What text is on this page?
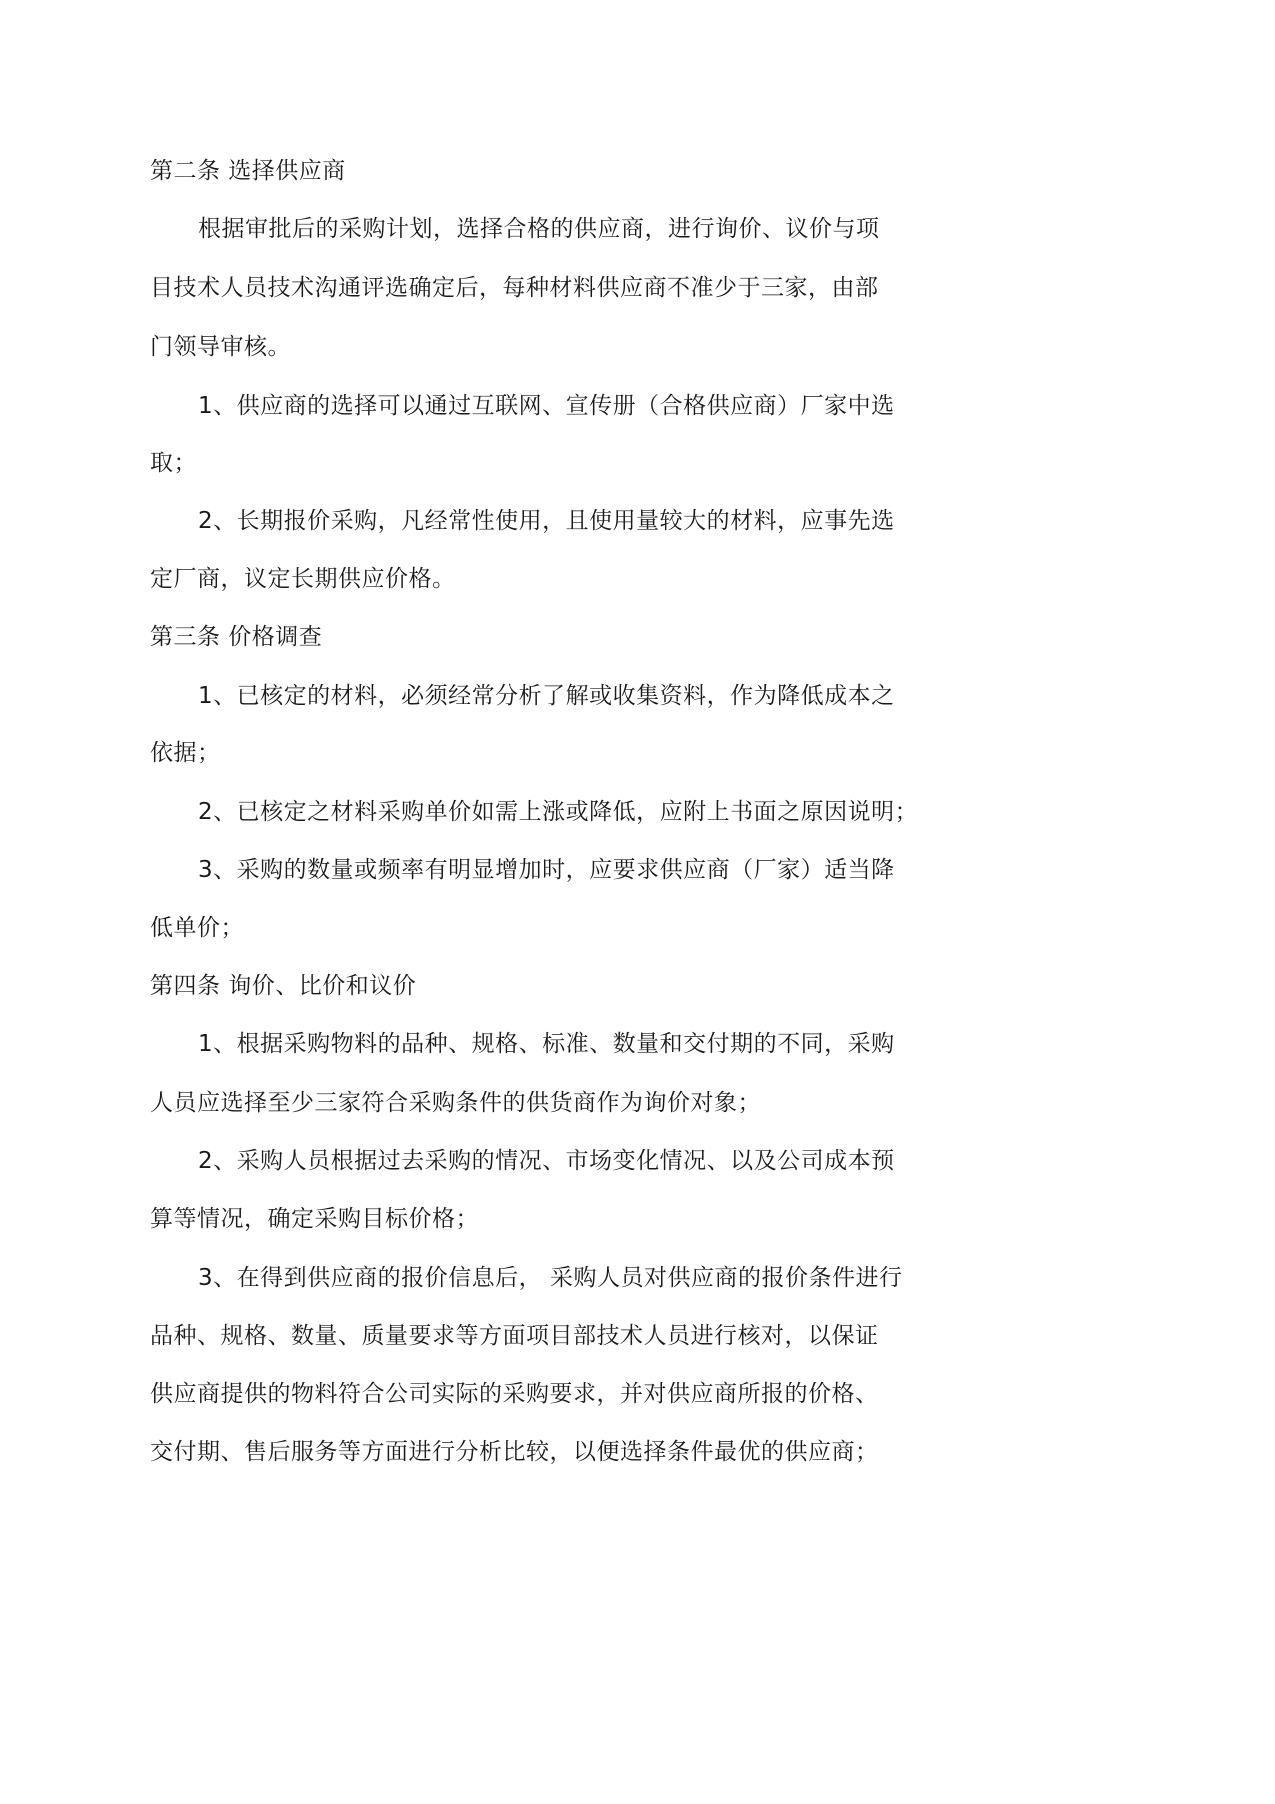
第二条 选择供应商
根据审批后的采购计划，选择合格的供应商，进行询价、议价与项
目技术人员技术沟通评选确定后，每种材料供应商不准少于三家，由部
门领导审核。
1、供应商的选择可以通过互联网、宣传册（合格供应商）厂家中选
取；
2、长期报价采购，凡经常性使用，且使用量较大的材料，应事先选
定厂商，议定长期供应价格。
第三条 价格调查
1、已核定的材料，必须经常分析了解或收集资料，作为降低成本之
依据；
2、已核定之材料采购单价如需上涨或降低，应附上书面之原因说明；
3、采购的数量或频率有明显增加时，应要求供应商（厂家）适当降
低单价；
第四条 询价、比价和议价
1、根据采购物料的品种、规格、标准、数量和交付期的不同，采购
人员应选择至少三家符合采购条件的供货商作为询价对象；
2、采购人员根据过去采购的情况、市场变化情况、以及公司成本预
算等情况，确定采购目标价格；
3、在得到供应商的报价信息后， 采购人员对供应商的报价条件进行
品种、规格、数量、质量要求等方面项目部技术人员进行核对，以保证
供应商提供的物料符合公司实际的采购要求，并对供应商所报的价格、
交付期、售后服务等方面进行分析比较，以便选择条件最优的供应商；
